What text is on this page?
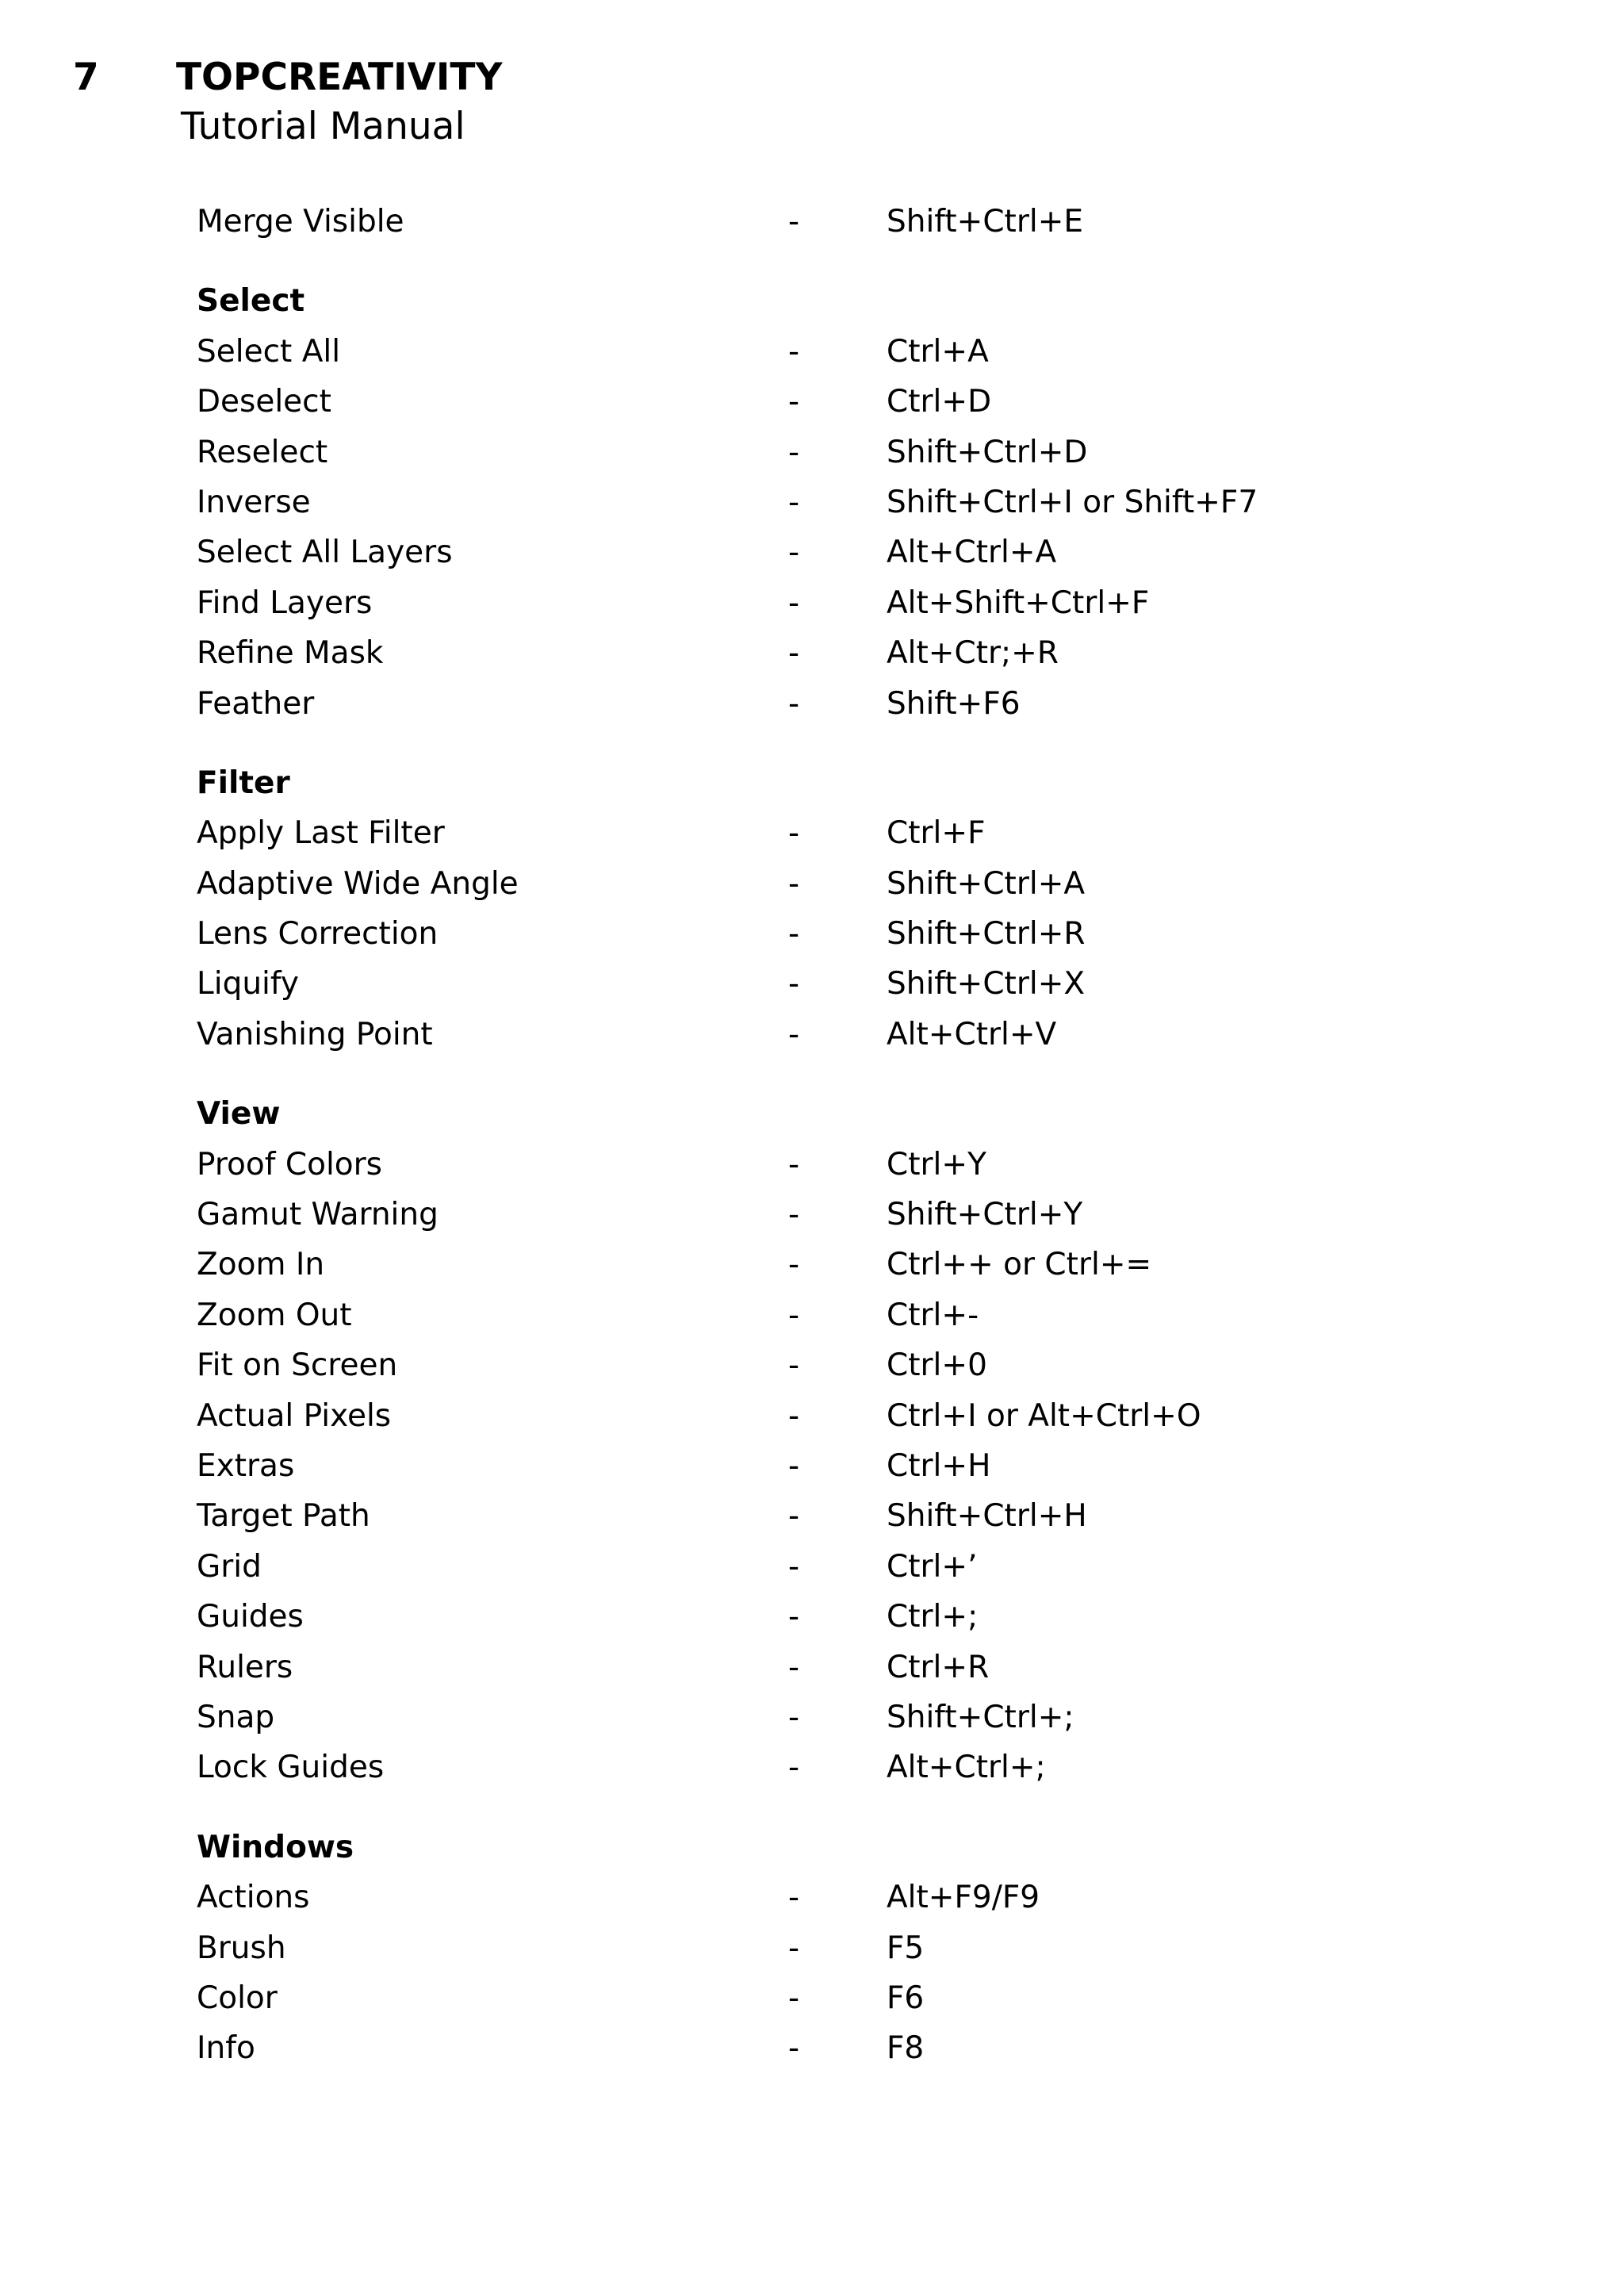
7 TOPCREATIVITY
Tutorial Manual
Merge Visible	-	Shift+Ctrl+E
Select
Select All	-	Ctrl+A
Deselect	-	Ctrl+D
Reselect	-	Shift+Ctrl+D
Inverse	-	Shift+Ctrl+I or Shift+F7
Select All Layers	-	Alt+Ctrl+A
Find Layers	-	Alt+Shift+Ctrl+F
Refine Mask	-	Alt+Ctr;+R
Feather	-	Shift+F6
Filter
Apply Last Filter	-	Ctrl+F
Adaptive Wide Angle	-	Shift+Ctrl+A
Lens Correction	-	Shift+Ctrl+R
Liquify	-	Shift+Ctrl+X
Vanishing Point	-	Alt+Ctrl+V
View
Proof Colors	-	Ctrl+Y
Gamut Warning	-	Shift+Ctrl+Y
Zoom In	-	Ctrl++ or Ctrl+=
Zoom Out	-	Ctrl+-
Fit on Screen	-	Ctrl+0
Actual Pixels	-	Ctrl+I or Alt+Ctrl+O
Extras	-	Ctrl+H
Target Path	-	Shift+Ctrl+H
Grid	-	Ctrl+’
Guides	-	Ctrl+;
Rulers	-	Ctrl+R
Snap	-	Shift+Ctrl+;
Lock Guides	-	Alt+Ctrl+;
Windows
Actions	-	Alt+F9/F9
Brush	-	F5
Color	-	F6
Info	-	F8
